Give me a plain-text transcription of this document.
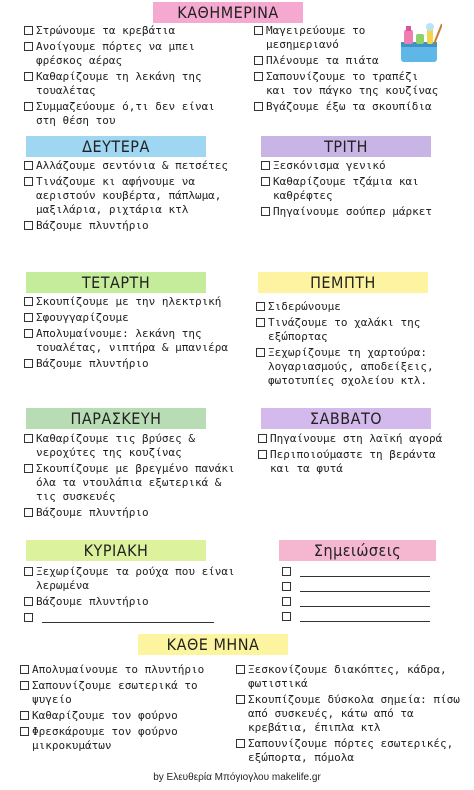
ΚΑΘΗΜΕΡΙΝΑ
Στρώνουμε τα κρεβάτια
Ανοίγουμε πόρτες να μπει φρέσκος αέρας
Καθαρίζουμε τη λεκάνη της τουαλέτας
Συμμαζεύουμε ό,τι δεν είναι στη θέση του
Μαγειρεύουμε το μεσημεριανό
Πλένουμε τα πιάτα
Σαπουνίζουμε το τραπέζι και τον πάγκο της κουζίνας
Βγάζουμε έξω τα σκουπίδια
ΔΕΥΤΕΡΑ
Αλλάζουμε σεντόνια & πετσέτες
Τινάζουμε κι αφήνουμε να αεριστούν κουβέρτα, πάπλωμα, μαξιλάρια, ριχτάρια κτλ
Βάζουμε πλυντήριο
ΤΡΙΤΗ
Ξεσκόνισμα γενικό
Καθαρίζουμε τζάμια και καθρέφτες
Πηγαίνουμε σούπερ μάρκετ
ΤΕΤΑΡΤΗ
Σκουπίζουμε με την ηλεκτρική
Σφουγγαρίζουμε
Απολυμαίνουμε: λεκάνη της τουαλέτας, νιπτήρα & μπανιέρα
Βάζουμε πλυντήριο
ΠΕΜΠΤΗ
Σιδερώνουμε
Τινάζουμε το χαλάκι της εξώπορτας
Ξεχωρίζουμε τη χαρτούρα: λογαριασμούς, αποδείξεις, φωτοτυπίες σχολείου κτλ.
ΠΑΡΑΣΚΕΥΗ
Καθαρίζουμε τις βρύσες & νεροχύτες της κουζίνας
Σκουπίζουμε με βρεγμένο πανάκι όλα τα ντουλάπια εξωτερικά & τις συσκευές
Βάζουμε πλυντήριο
ΣΑΒΒΑΤΟ
Πηγαίνουμε στη λαϊκή αγορά
Περιποιούμαστε τη βεράντα και τα φυτά
ΚΥΡΙΑΚΗ
Ξεχωρίζουμε τα ρούχα που είναι λερωμένα
Βάζουμε πλυντήριο
Σημειώσεις
ΚΑΘΕ ΜΗΝΑ
Απολυμαίνουμε το πλυντήριο
Σαπουνίζουμε εσωτερικά το ψυγείο
Καθαρίζουμε τον φούρνο
Φρεσκάρουμε τον φούρνο μικροκυμάτων
Ξεσκονίζουμε διακόπτες, κάδρα, φωτιστικά
Σκουπίζουμε δύσκολα σημεία: πίσω από συσκευές, κάτω από τα κρεβάτια, έπιπλα κτλ
Σαπουνίζουμε πόρτες εσωτερικές, εξώπορτα, πόμολα
by Ελευθερία Μπόγιογλου makelife.gr
